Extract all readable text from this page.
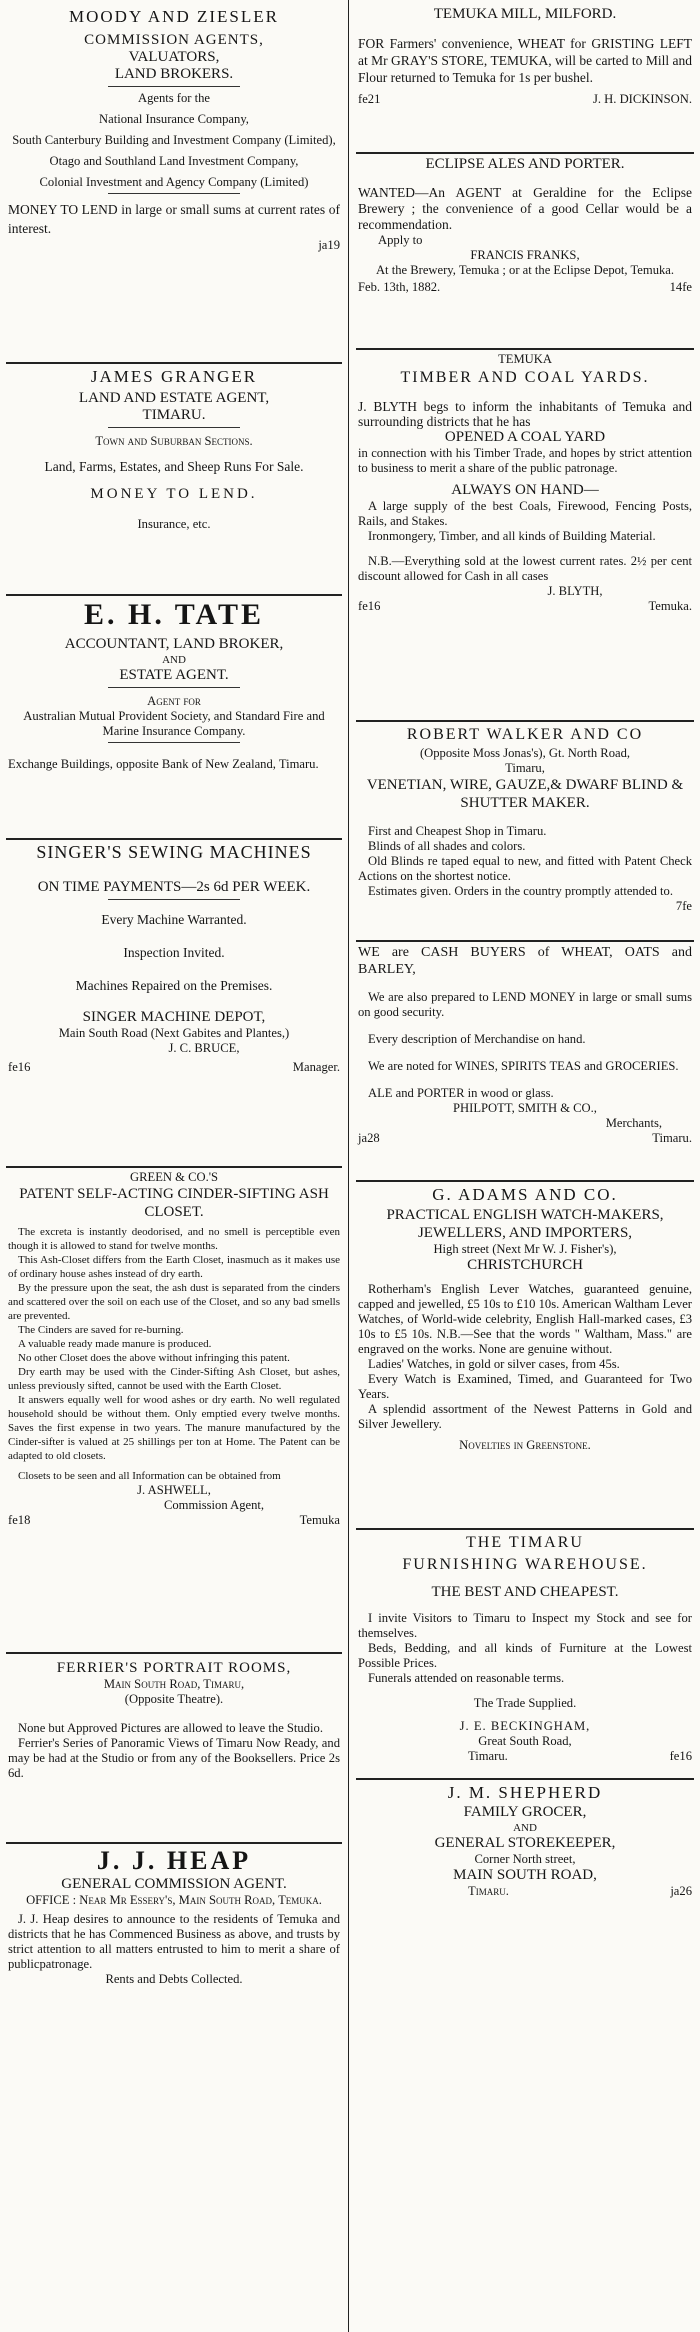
MOODY AND ZIESLER

COMMISSION AGENTS,

VALUATORS,

LAND BROKERS.

Agents for the

National Insurance Company,

South Canterbury Building and Investment Company (Limited),

Otago and Southland Land Investment Company,

Colonial Investment and Agency Company (Limited)

MONEY TO LEND in large or small sums at current rates of interest.

ja19

JAMES GRANGER

LAND AND ESTATE AGENT,

TIMARU.

Town and Suburban Sections.

Land, Farms, Estates, and Sheep Runs For Sale.

MONEY TO LEND.

Insurance, etc.

E. H. TATE

ACCOUNTANT, LAND BROKER,

AND

ESTATE AGENT.

Agent for

Australian Mutual Provident Society, and Standard Fire and Marine Insurance Company.

Exchange Buildings, opposite Bank of New Zealand, Timaru.

SINGER'S SEWING MACHINES

ON TIME PAYMENTS—2s 6d PER WEEK.

Every Machine Warranted.

Inspection Invited.

Machines Repaired on the Premises.

SINGER MACHINE DEPOT,

Main South Road (Next Gabites and Plantes,)

J. C. BRUCE,

fe16	Manager.

GREEN & CO.'S

PATENT SELF-ACTING CINDER-SIFTING ASH CLOSET.

The excreta is instantly deodorised, and no smell is perceptible even though it is allowed to stand for twelve months.

This Ash-Closet differs from the Earth Closet, inasmuch as it makes use of ordinary house ashes instead of dry earth.

By the pressure upon the seat, the ash dust is separated from the cinders and scattered over the soil on each use of the Closet, and so any bad smells are prevented.

The Cinders are saved for re-burning.

A valuable ready made manure is produced.

No other Closet does the above without infringing this patent.

Dry earth may be used with the Cinder-Sifting Ash Closet, but ashes, unless previously sifted, cannot be used with the Earth Closet.

It answers equally well for wood ashes or dry earth. No well regulated household should be without them. Only emptied every twelve months. Saves the first expense in two years. The manure manufactured by the Cinder-sifter is valued at 25 shillings per ton at Home. The Patent can be adapted to old closets.

Closets to be seen and all Information can be obtained from

J. ASHWELL,

Commission Agent,

fe18	Temuka

FERRIER'S PORTRAIT ROOMS,

Main South Road, Timaru,

(Opposite Theatre).

None but Approved Pictures are allowed to leave the Studio.

Ferrier's Series of Panoramic Views of Timaru Now Ready, and may be had at the Studio or from any of the Booksellers. Price 2s 6d.

J. J. HEAP

GENERAL COMMISSION AGENT.

OFFICE : Near Mr Essery's, Main South Road, Temuka.

J. J. Heap desires to announce to the residents of Temuka and districts that he has Commenced Business as above, and trusts by strict attention to all matters entrusted to him to merit a share of publicpatronage.

Rents and Debts Collected.

TEMUKA MILL, MILFORD.

FOR Farmers' convenience, WHEAT for GRISTING LEFT at Mr GRAY'S STORE, TEMUKA, will be carted to Mill and Flour returned to Temuka for 1s per bushel.

fe21	J. H. DICKINSON.

ECLIPSE ALES AND PORTER.

WANTED—An AGENT at Geraldine for the Eclipse Brewery ; the convenience of a good Cellar would be a recommendation.

Apply to

FRANCIS FRANKS,

At the Brewery, Temuka ; or at the Eclipse Depot, Temuka.

Feb. 13th, 1882.	14fe

TEMUKA

TIMBER AND COAL YARDS.

J. BLYTH begs to inform the inhabitants of Temuka and surrounding districts that he has

OPENED A COAL YARD

in connection with his Timber Trade, and hopes by strict attention to business to merit a share of the public patronage.

ALWAYS ON HAND—

A large supply of the best Coals, Firewood, Fencing Posts, Rails, and Stakes.

Ironmongery, Timber, and all kinds of Building Material.

N.B.—Everything sold at the lowest current rates. 2½ per cent discount allowed for Cash in all cases

J. BLYTH,

fe16	Temuka.

ROBERT WALKER AND CO

(Opposite Moss Jonas's), Gt. North Road,

Timaru,

VENETIAN, WIRE, GAUZE,& DWARF BLIND & SHUTTER MAKER.

First and Cheapest Shop in Timaru.

Blinds of all shades and colors.

Old Blinds re taped equal to new, and fitted with Patent Check Actions on the shortest notice.

Estimates given. Orders in the country promptly attended to.

7fe

WE are CASH BUYERS of WHEAT, OATS and BARLEY,

We are also prepared to LEND MONEY in large or small sums on good security.

Every description of Merchandise on hand.

We are noted for WINES, SPIRITS TEAS and GROCERIES.

ALE and PORTER in wood or glass.

PHILPOTT, SMITH & CO.,

Merchants,

ja28	Timaru.

G. ADAMS AND CO.

PRACTICAL ENGLISH WATCH-MAKERS, JEWELLERS, AND IMPORTERS,

High street (Next Mr W. J. Fisher's),

CHRISTCHURCH

Rotherham's English Lever Watches, guaranteed genuine, capped and jewelled, £5 10s to £10 10s. American Waltham Lever Watches, of World-wide celebrity, English Hall-marked cases, £3 10s to £5 10s. N.B.—See that the words " Waltham, Mass." are engraved on the works. None are genuine without.

Ladies' Watches, in gold or silver cases, from 45s.

Every Watch is Examined, Timed, and Guaranteed for Two Years.

A splendid assortment of the Newest Patterns in Gold and Silver Jewellery.

Novelties in Greenstone.

THE TIMARU

FURNISHING WAREHOUSE.

THE BEST AND CHEAPEST.

I invite Visitors to Timaru to Inspect my Stock and see for themselves.

Beds, Bedding, and all kinds of Furniture at the Lowest Possible Prices.

Funerals attended on reasonable terms.

The Trade Supplied.

J. E. BECKINGHAM,

Great South Road,

Timaru.	fe16

J. M. SHEPHERD

FAMILY GROCER,

AND

GENERAL STOREKEEPER,

Corner North street,

MAIN SOUTH ROAD,

Timaru.	ja26
